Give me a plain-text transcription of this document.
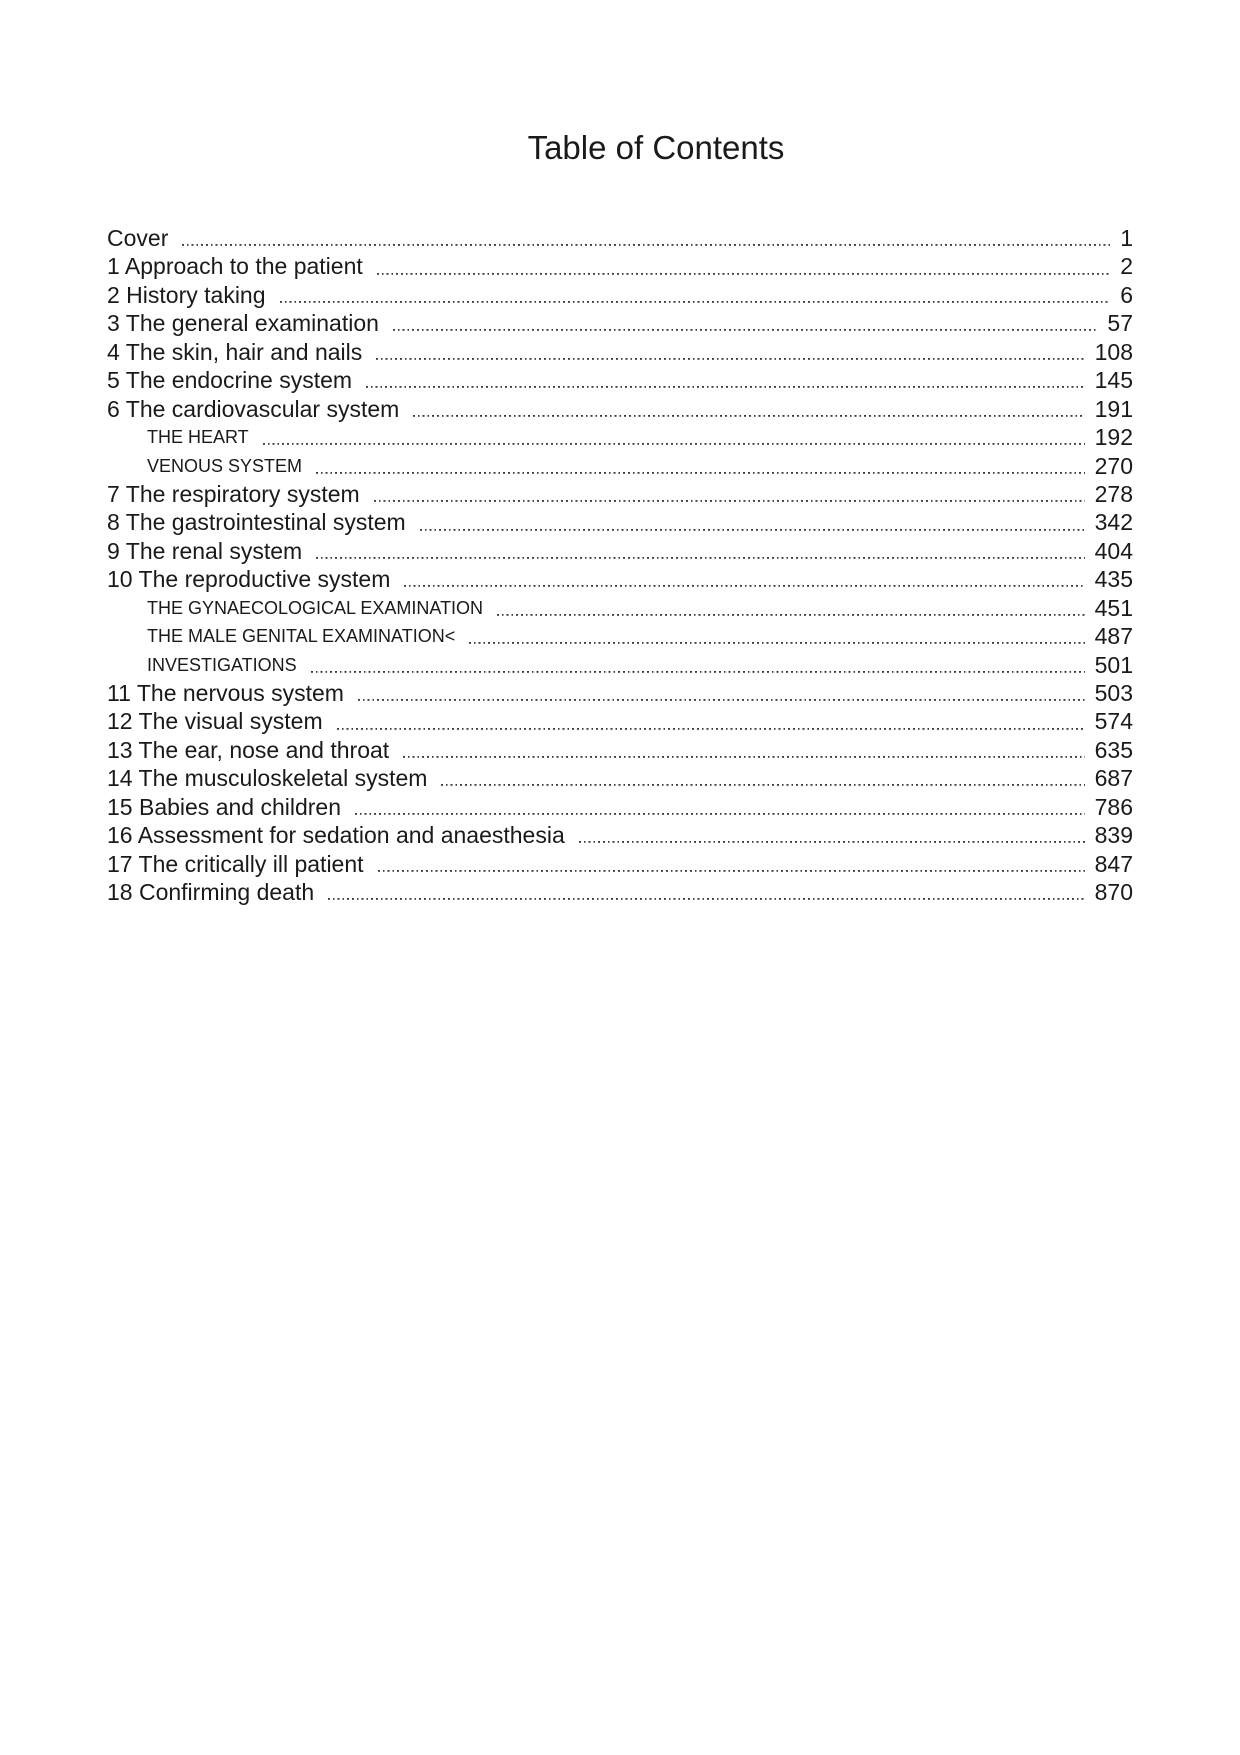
Table of Contents
Cover	1
1 Approach to the patient	2
2 History taking	6
3 The general examination	57
4 The skin, hair and nails	108
5 The endocrine system	145
6 The cardiovascular system	191
THE HEART	192
VENOUS SYSTEM	270
7 The respiratory system	278
8 The gastrointestinal system	342
9 The renal system	404
10 The reproductive system	435
THE GYNAECOLOGICAL EXAMINATION	451
THE MALE GENITAL EXAMINATION<	487
INVESTIGATIONS	501
11 The nervous system	503
12 The visual system	574
13 The ear, nose and throat	635
14 The musculoskeletal system	687
15 Babies and children	786
16 Assessment for sedation and anaesthesia	839
17 The critically ill patient	847
18 Confirming death	870
